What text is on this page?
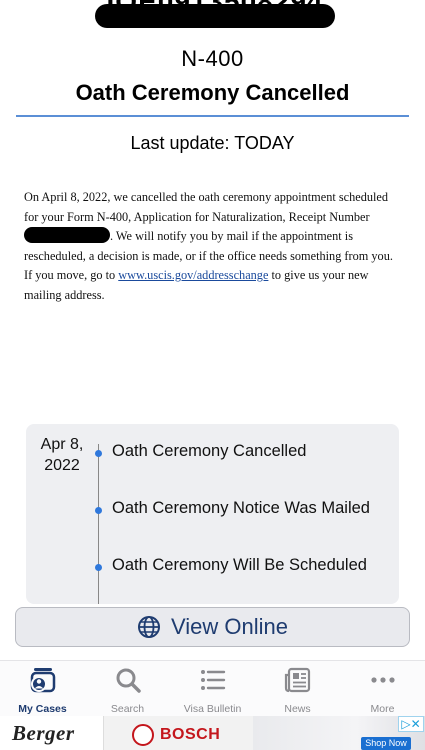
N-400
Oath Ceremony Cancelled
Last update: TODAY
On April 8, 2022, we cancelled the oath ceremony appointment scheduled for your Form N-400, Application for Naturalization, Receipt Number . We will notify you by mail if the appointment is rescheduled, a decision is made, or if the office needs something from you. If you move, go to www.uscis.gov/addresschange to give us your new mailing address.
Apr 8,
2022
Oath Ceremony Cancelled
Oath Ceremony Notice Was Mailed
Oath Ceremony Will Be Scheduled
View Online
My Cases	Search	Visa Bulletin	News	More
Berger	BOSCH	Shop Now
▷✕
